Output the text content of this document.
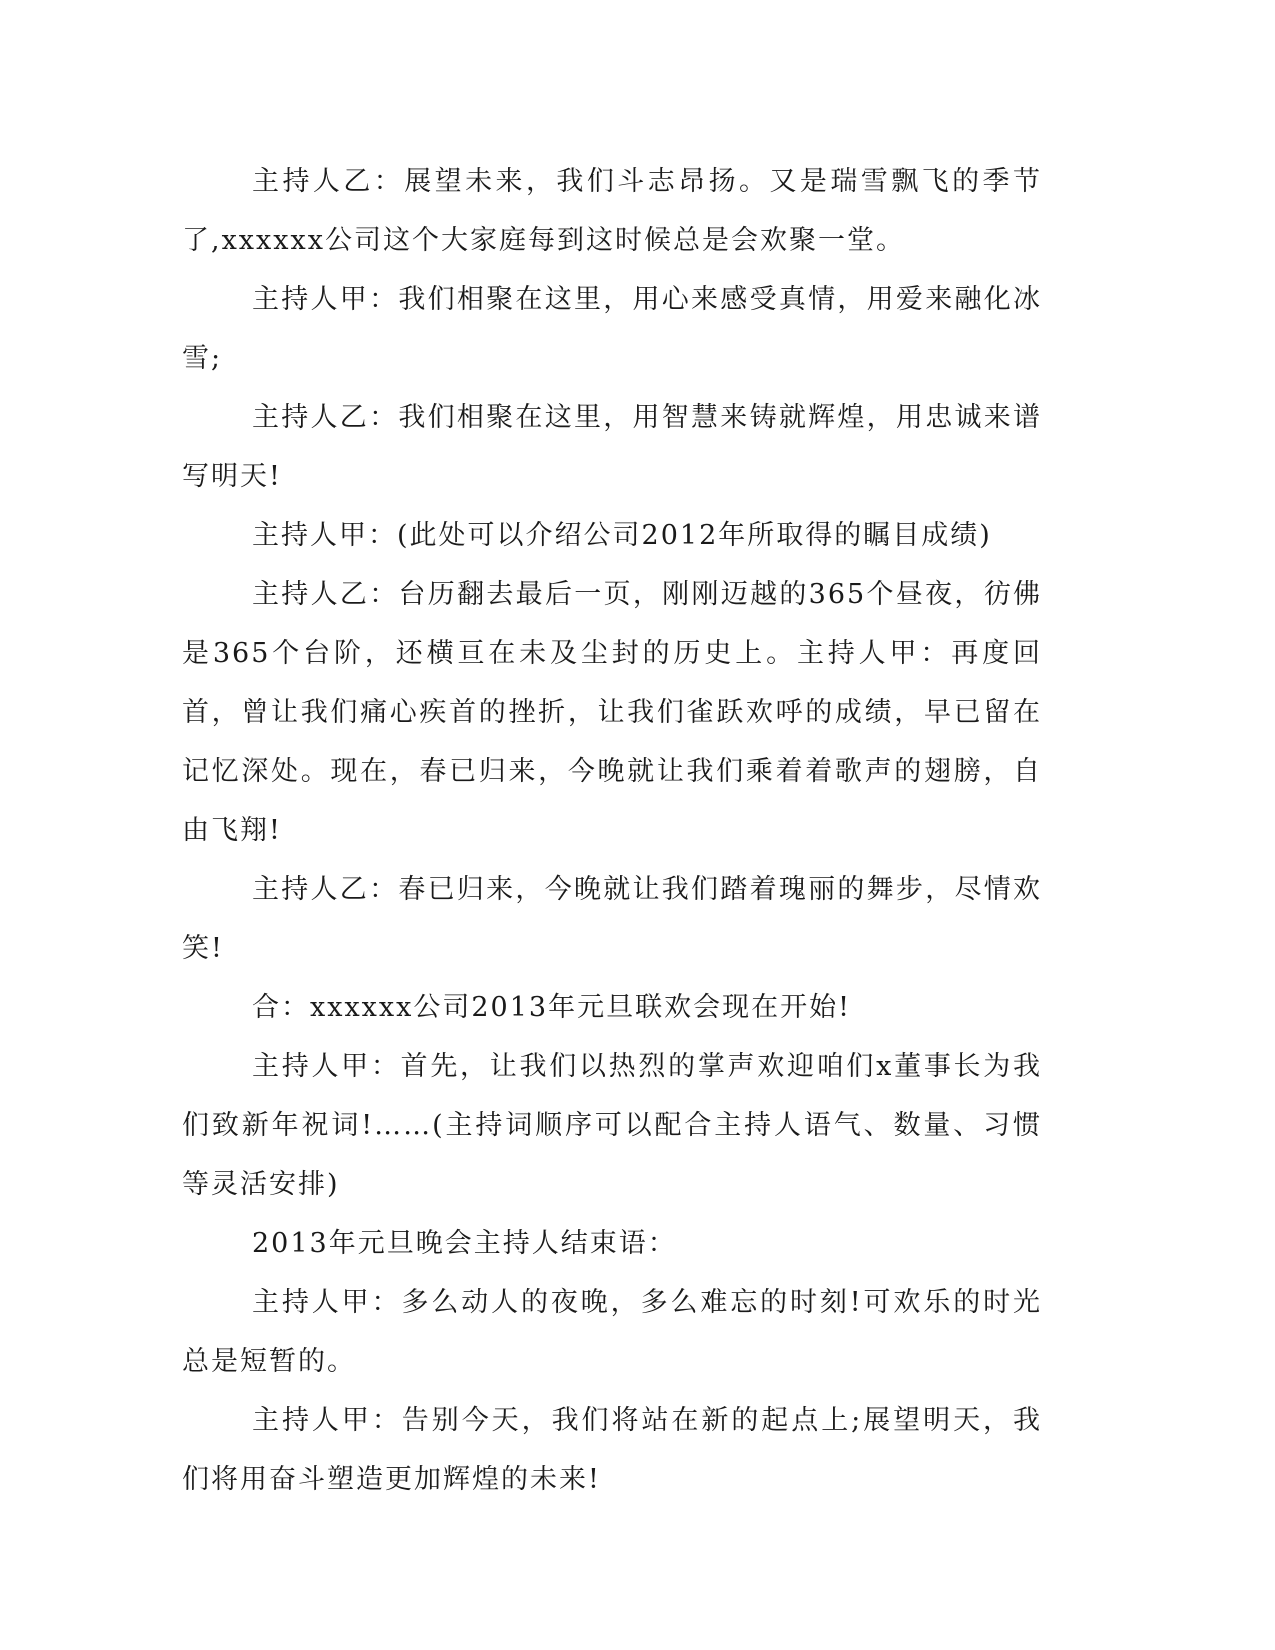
主持人乙：展望未来，我们斗志昂扬。又是瑞雪飘飞的季节了,xxxxxx公司这个大家庭每到这时候总是会欢聚一堂。

主持人甲：我们相聚在这里，用心来感受真情，用爱来融化冰雪;

主持人乙：我们相聚在这里，用智慧来铸就辉煌，用忠诚来谱写明天!

主持人甲：(此处可以介绍公司2012年所取得的瞩目成绩)

主持人乙：台历翻去最后一页，刚刚迈越的365个昼夜，彷佛是365个台阶，还横亘在未及尘封的历史上。主持人甲：再度回首，曾让我们痛心疾首的挫折，让我们雀跃欢呼的成绩，早已留在记忆深处。现在，春已归来，今晚就让我们乘着着歌声的翅膀，自由飞翔!

主持人乙：春已归来，今晚就让我们踏着瑰丽的舞步，尽情欢笑!

合：xxxxxx公司2013年元旦联欢会现在开始!

主持人甲：首先，让我们以热烈的掌声欢迎咱们x董事长为我们致新年祝词!……(主持词顺序可以配合主持人语气、数量、习惯等灵活安排)

2013年元旦晚会主持人结束语：

主持人甲：多么动人的夜晚，多么难忘的时刻!可欢乐的时光总是短暂的。

主持人甲：告别今天，我们将站在新的起点上;展望明天，我们将用奋斗塑造更加辉煌的未来!
